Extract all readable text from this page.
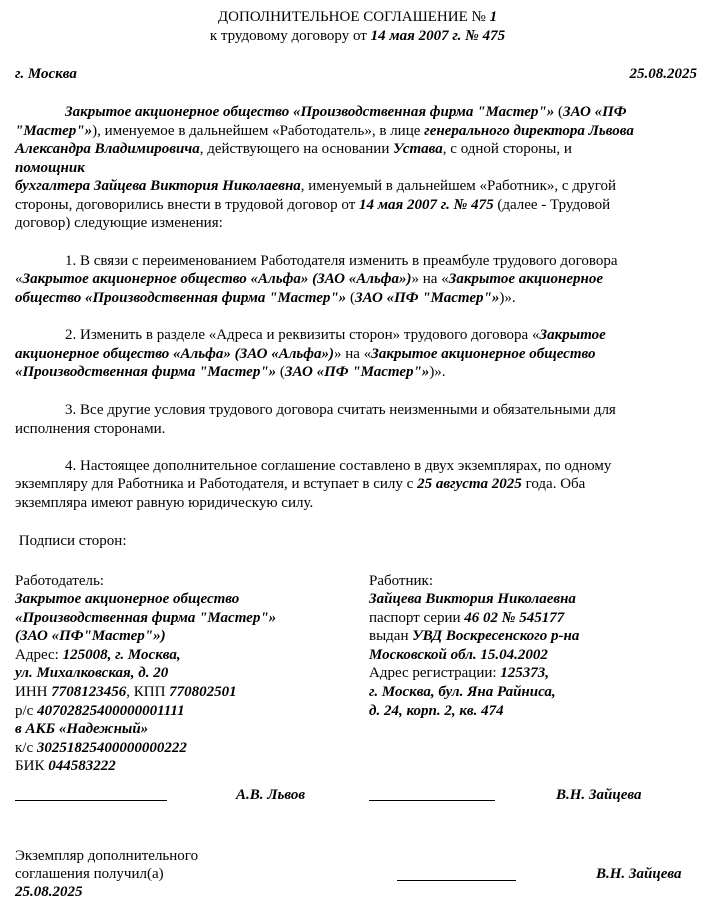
ДОПОЛНИТЕЛЬНОЕ СОГЛАШЕНИЕ № 1
к трудовому договору от 14 мая 2007 г. № 475
г. Москва	25.08.2025
Закрытое акционерное общество «Производственная фирма "Мастер"» (ЗАО «ПФ
"Мастер"»), именуемое в дальнейшем «Работодатель», в лице генерального директора Львова
Александра Владимировича, действующего на основании Устава, с одной стороны, и
помощник
бухгалтера Зайцева Виктория Николаевна, именуемый в дальнейшем «Работник», с другой
стороны, договорились внести в трудовой договор от 14 мая 2007 г. № 475 (далее - Трудовой
договор) следующие изменения:
1. В связи с переименованием Работодателя изменить в преамбуле трудового договора
«Закрытое акционерное общество «Альфа» (ЗАО «Альфа»)» на «Закрытое акционерное
общество «Производственная фирма "Мастер"» (ЗАО «ПФ "Мастер"»)».
2. Изменить в разделе «Адреса и реквизиты сторон» трудового договора «Закрытое
акционерное общество «Альфа» (ЗАО «Альфа»)» на «Закрытое акционерное общество
«Производственная фирма "Мастер"» (ЗАО «ПФ "Мастер"»)».
3. Все другие условия трудового договора считать неизменными и обязательными для
исполнения сторонами.
4. Настоящее дополнительное соглашение составлено в двух экземплярах, по одному
экземпляру для Работника и Работодателя, и вступает в силу с 25 августа 2025 года. Оба
экземпляра имеют равную юридическую силу.
Подписи сторон:
Работодатель:
Закрытое акционерное общество
«Производственная фирма "Мастер"»
(ЗАО «ПФ"Мастер"»)
Адрес: 125008, г. Москва,
ул. Михалковская, д. 20
ИНН 7708123456, КПП 770802501
р/с 40702825400000001111
в АКБ «Надежный»
к/с 30251825400000000222
БИК 044583222
Работник:
Зайцева Виктория Николаевна
паспорт серии 46 02 № 545177
выдан УВД Воскресенского р-на
Московской обл. 15.04.2002
Адрес регистрации: 125373,
г. Москва, бул. Яна Райниса,
д. 24, корп. 2, кв. 474
А.В. Львов	В.Н. Зайцева
Экземпляр дополнительного
соглашения получил(а)
25.08.2025
В.Н. Зайцева
